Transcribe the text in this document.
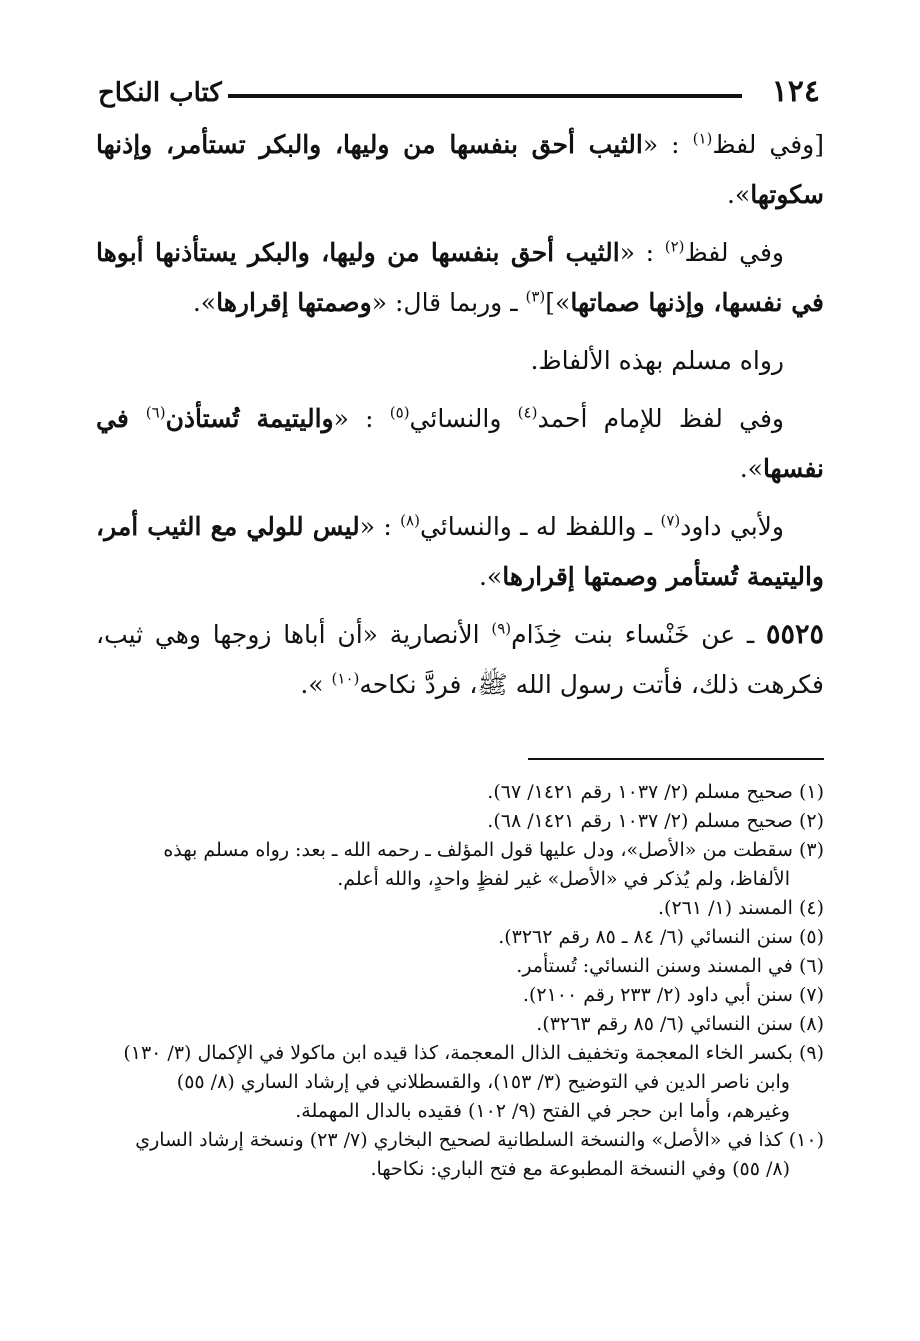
١٢٤
كتاب النكاح

[وفي لفظ$^{(١)}$ : «الثيب أحق بنفسها من وليها، والبكر تستأمر، وإذنها سكوتها».

وفي لفظ$^{(٢)}$ : «الثيب أحق بنفسها من وليها، والبكر يستأذنها أبوها في نفسها، وإذنها صماتها»]$^{(٣)}$ ـ وربما قال: «وصمتها إقرارها».

رواه مسلم بهذه الألفاظ.

وفي لفظ للإمام أحمد$^{(٤)}$ والنسائي$^{(٥)}$ : «واليتيمة تُستأذن$^{(٦)}$ في نفسها».

ولأبي داود$^{(٧)}$ ـ واللفظ له ـ والنسائي$^{(٨)}$ : «ليس للولي مع الثيب أمر، واليتيمة تُستأمر وصمتها إقرارها».

٥٥٢٥ ـ عن خَنْساء بنت خِذَام$^{(٩)}$ الأنصارية «أن أباها زوجها وهي ثيب، فكرهت ذلك، فأتت رسول الله ﷺ، فردَّ نكاحه$^{(١٠)}$ ».

(١) صحيح مسلم (٢/ ١٠٣٧ رقم ١٤٢١/ ٦٧).

(٢) صحيح مسلم (٢/ ١٠٣٧ رقم ١٤٢١/ ٦٨).

(٣) سقطت من «الأصل»، ودل عليها قول المؤلف ـ رحمه الله ـ بعد: رواه مسلم بهذه
الألفاظ، ولم يُذكر في «الأصل» غير لفظٍ واحدٍ، والله أعلم.

(٤) المسند (١/ ٢٦١).

(٥) سنن النسائي (٦/ ٨٤ ـ ٨٥ رقم ٣٢٦٢).

(٦) في المسند وسنن النسائي: تُستأمر.

(٧) سنن أبي داود (٢/ ٢٣٣ رقم ٢١٠٠).

(٨) سنن النسائي (٦/ ٨٥ رقم ٣٢٦٣).

(٩) بكسر الخاء المعجمة وتخفيف الذال المعجمة، كذا قيده ابن ماكولا في الإكمال (٣/ ١٣٠)
وابن ناصر الدين في التوضيح (٣/ ١٥٣)، والقسطلاني في إرشاد الساري (٨/ ٥٥)
وغيرهم، وأما ابن حجر في الفتح (٩/ ١٠٢) فقيده بالدال المهملة.

(١٠) كذا في «الأصل» والنسخة السلطانية لصحيح البخاري (٧/ ٢٣) ونسخة إرشاد الساري
(٨/ ٥٥) وفي النسخة المطبوعة مع فتح الباري: نكاحها.
